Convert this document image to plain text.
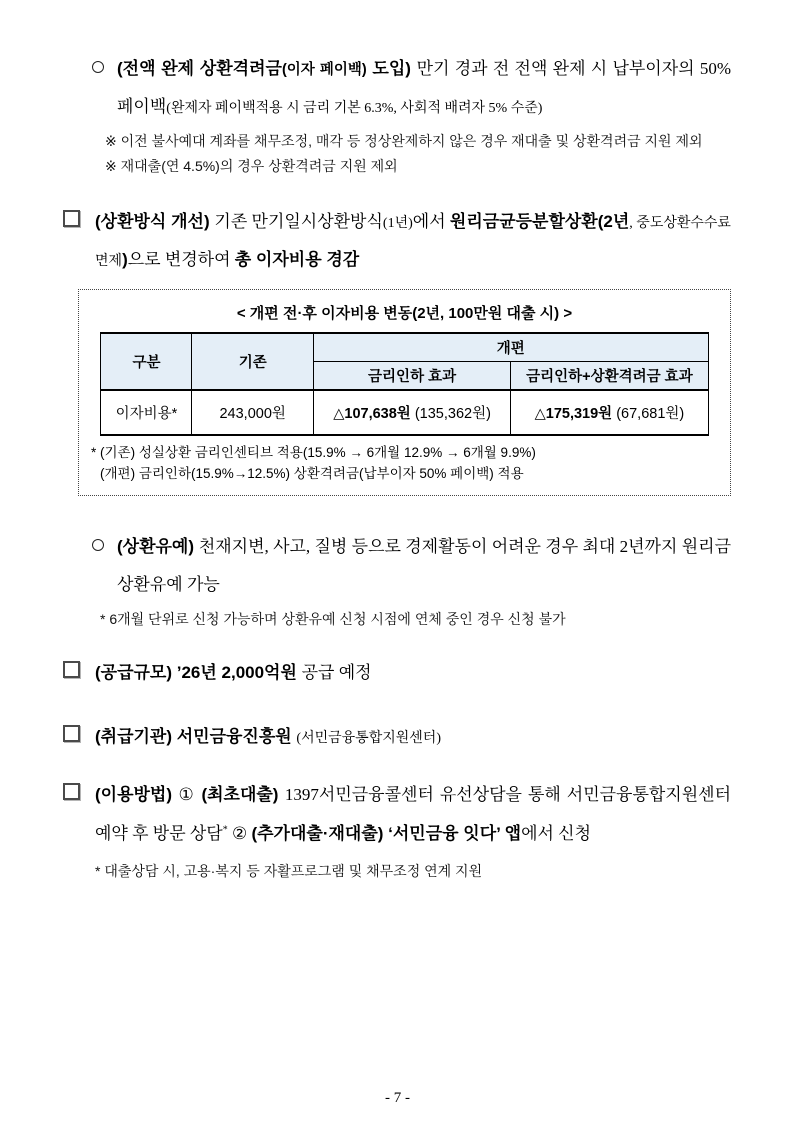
(전액 완제 상환격려금(이자 페이백) 도입) 만기 경과 전 전액 완제 시 납부이자의 50% 페이백(완제자 페이백적용 시 금리 기본 6.3%, 사회적 배려자 5% 수준)
※ 이전 불사예대 계좌를 채무조정, 매각 등 정상완제하지 않은 경우 재대출 및 상환격려금 지원 제외
※ 재대출(연 4.5%)의 경우 상환격려금 지원 제외
(상환방식 개선) 기존 만기일시상환방식(1년)에서 원리금균등분할상환(2년, 중도상환수수료 면제)으로 변경하여 총 이자비용 경감
< 개편 전·후 이자비용 변동(2년, 100만원 대출 시) >
구분	기존	개편	
		금리인하 효과	금리인하+상환격려금 효과
이자비용*	243,000원	△107,638원 (135,362원)	△175,319원 (67,681원)
* (기존) 성실상환 금리인센티브 적용(15.9% → 6개월 12.9% → 6개월 9.9%)
(개편) 금리인하(15.9%→12.5%) 상환격려금(납부이자 50% 페이백) 적용
(상환유예) 천재지변, 사고, 질병 등으로 경제활동이 어려운 경우 최대 2년까지 원리금 상환유예 가능
* 6개월 단위로 신청 가능하며 상환유예 신청 시점에 연체 중인 경우 신청 불가
(공급규모) ’26년 2,000억원 공급 예정
(취급기관) 서민금융진흥원 (서민금융통합지원센터)
(이용방법) ① (최초대출) 1397서민금융콜센터 유선상담을 통해 서민금융통합지원센터 예약 후 방문 상담* ② (추가대출·재대출) ‘서민금융 잇다’ 앱에서 신청
* 대출상담 시, 고용·복지 등 자활프로그램 및 채무조정 연계 지원
- 7 -
